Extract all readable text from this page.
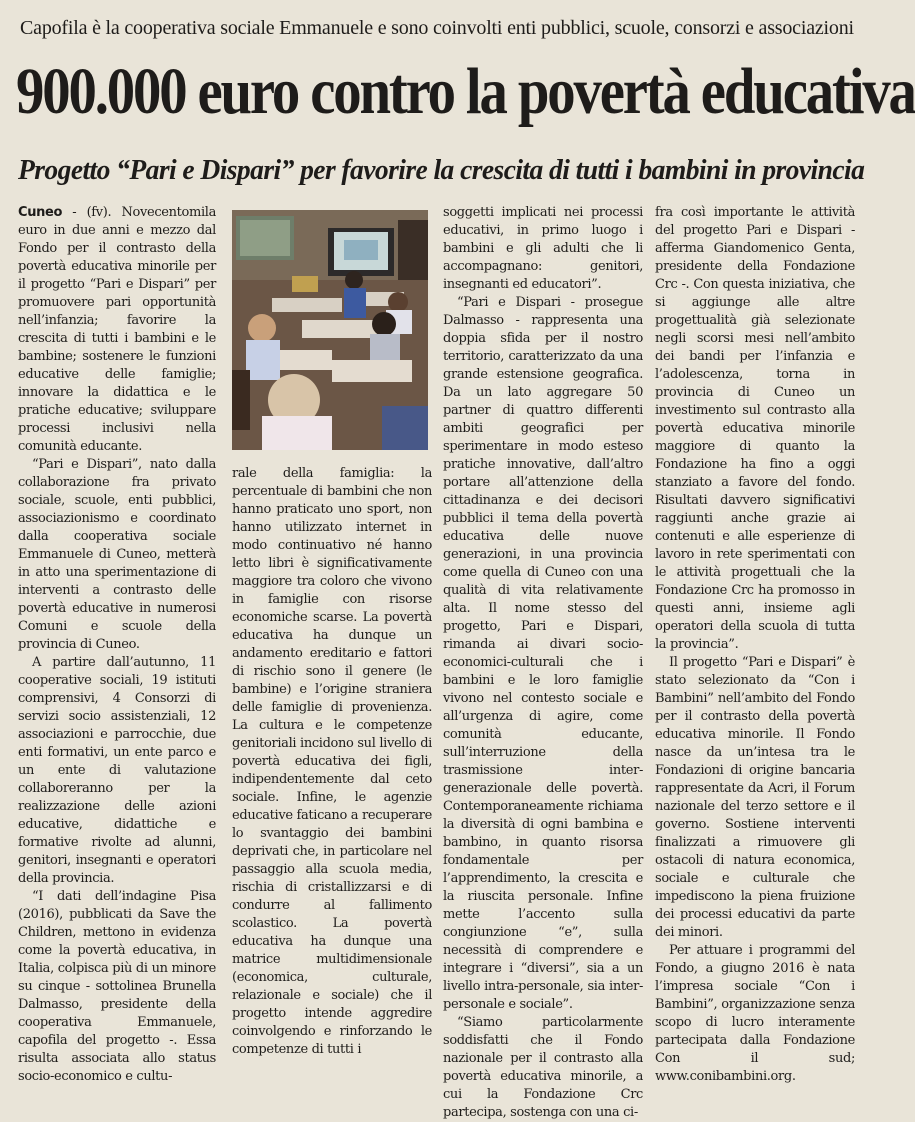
Capofila è la cooperativa sociale Emmanuele e sono coinvolti enti pubblici, scuole, consorzi e associazioni
900.000 euro contro la povertà educativa
Progetto “Pari e Dispari” per favorire la crescita di tutti i bambini in provincia

Cuneo - (fv). Novecentomila euro in due anni e mezzo dal Fondo per il contrasto della povertà educativa minorile per il progetto “Pari e Dispari” per promuovere pari opportunità nell’infanzia; favorire la crescita di tutti i bambini e le bambine; sostenere le funzioni educative delle famiglie; innovare la didattica e le pratiche educative; sviluppare processi inclusivi nella comunità educante.

“Pari e Dispari”, nato dalla collaborazione fra privato sociale, scuole, enti pubblici, associazionismo e coordinato dalla cooperativa sociale Emmanuele di Cuneo, metterà in atto una sperimentazione di interventi a contrasto delle povertà educative in numerosi Comuni e scuole della provincia di Cuneo.

A partire dall’autunno, 11 cooperative sociali, 19 istituti comprensivi, 4 Consorzi di servizi socio assistenziali, 12 associazioni e parrocchie, due enti formativi, un ente parco e un ente di valutazione collaboreranno per la realizzazione delle azioni educative, didattiche e formative rivolte ad alunni, genitori, insegnanti e operatori della provincia.

“I dati dell’indagine Pisa (2016), pubblicati da Save the Children, mettono in evidenza come la povertà educativa, in Italia, colpisca più di un minore su cinque - sottolinea Brunella Dalmasso, presidente della cooperativa Emmanuele, capofila del progetto -. Essa risulta associata allo status socio-economico e cultu-

rale della famiglia: la percentuale di bambini che non hanno praticato uno sport, non hanno utilizzato internet in modo continuativo né hanno letto libri è significativamente maggiore tra coloro che vivono in famiglie con risorse economiche scarse. La povertà educativa ha dunque un andamento ereditario e fattori di rischio sono il genere (le bambine) e l’origine straniera delle famiglie di provenienza. La cultura e le competenze genitoriali incidono sul livello di povertà educativa dei figli, indipendentemente dal ceto sociale. Infine, le agenzie educative faticano a recuperare lo svantaggio dei bambini deprivati che, in particolare nel passaggio alla scuola media, rischia di cristallizzarsi e di condurre al fallimento scolastico. La povertà educativa ha dunque una matrice multidimensionale (economica, culturale, relazionale e sociale) che il progetto intende aggredire coinvolgendo e rinforzando le competenze di tutti i

soggetti implicati nei processi educativi, in primo luogo i bambini e gli adulti che li accompagnano: genitori, insegnanti ed educatori”.

“Pari e Dispari - prosegue Dalmasso - rappresenta una doppia sfida per il nostro territorio, caratterizzato da una grande estensione geografica. Da un lato aggregare 50 partner di quattro differenti ambiti geografici per sperimentare in modo esteso pratiche innovative, dall’altro portare all’attenzione della cittadinanza e dei decisori pubblici il tema della povertà educativa delle nuove generazioni, in una provincia come quella di Cuneo con una qualità di vita relativamente alta. Il nome stesso del progetto, Pari e Dispari, rimanda ai divari socio-economici-culturali che i bambini e le loro famiglie vivono nel contesto sociale e all’urgenza di agire, come comunità educante, sull’interruzione della trasmissione inter-generazionale delle povertà. Contemporaneamente richiama la diversità di ogni bambina e bambino, in quanto risorsa fondamentale per l’apprendimento, la crescita e la riuscita personale. Infine mette l’accento sulla congiunzione “e”, sulla necessità di comprendere e integrare i “diversi”, sia a un livello intra-personale, sia inter-personale e sociale”.

“Siamo particolarmente soddisfatti che il Fondo nazionale per il contrasto alla povertà educativa minorile, a cui la Fondazione Crc partecipa, sostenga con una ci-

fra così importante le attività del progetto Pari e Dispari - afferma Giandomenico Genta, presidente della Fondazione Crc -. Con questa iniziativa, che si aggiunge alle altre progettualità già selezionate negli scorsi mesi nell’ambito dei bandi per l’infanzia e l’adolescenza, torna in provincia di Cuneo un investimento sul contrasto alla povertà educativa minorile maggiore di quanto la Fondazione ha fino a oggi stanziato a favore del fondo. Risultati davvero significativi raggiunti anche grazie ai contenuti e alle esperienze di lavoro in rete sperimentati con le attività progettuali che la Fondazione Crc ha promosso in questi anni, insieme agli operatori della scuola di tutta la provincia”.

Il progetto “Pari e Dispari” è stato selezionato da “Con i Bambini” nell’ambito del Fondo per il contrasto della povertà educativa minorile. Il Fondo nasce da un’intesa tra le Fondazioni di origine bancaria rappresentate da Acri, il Forum nazionale del terzo settore e il governo. Sostiene interventi finalizzati a rimuovere gli ostacoli di natura economica, sociale e culturale che impediscono la piena fruizione dei processi educativi da parte dei minori.

Per attuare i programmi del Fondo, a giugno 2016 è nata l’impresa sociale “Con i Bambini”, organizzazione senza scopo di lucro interamente partecipata dalla Fondazione Con il sud; www.conibambini.org.
